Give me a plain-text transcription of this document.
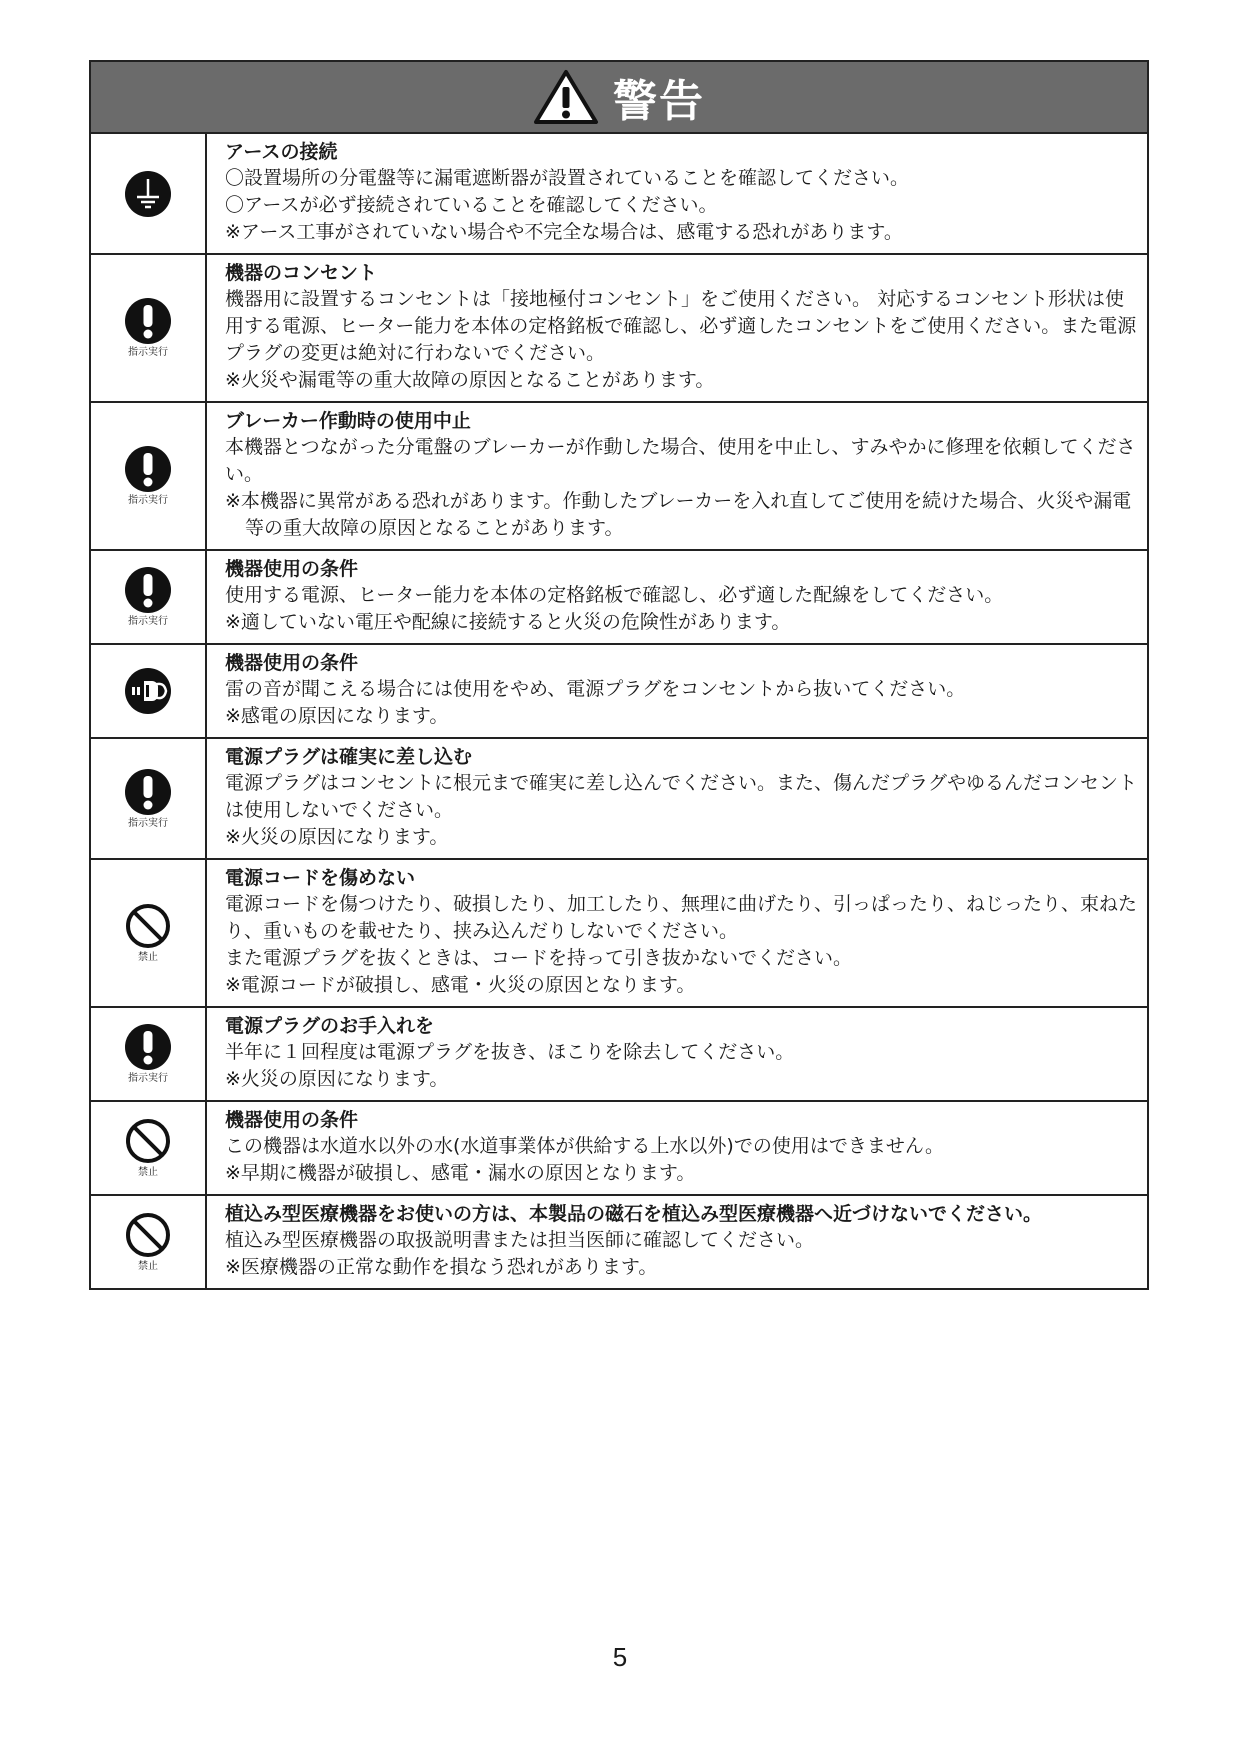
警告
アースの接続
〇設置場所の分電盤等に漏電遮断器が設置されていることを確認してください。
〇アースが必ず接続されていることを確認してください。
※アース工事がされていない場合や不完全な場合は、感電する恐れがあります。
指示実行
機器のコンセント
機器用に設置するコンセントは「接地極付コンセント」をご使用ください。 対応するコンセント形状は使用する電源、ヒーター能力を本体の定格銘板で確認し、必ず適したコンセントをご使用ください。また電源プラグの変更は絶対に行わないでください。
※火災や漏電等の重大故障の原因となることがあります。
指示実行
ブレーカー作動時の使用中止
本機器とつながった分電盤のブレーカーが作動した場合、使用を中止し、すみやかに修理を依頼してください。
※本機器に異常がある恐れがあります。作動したブレーカーを入れ直してご使用を続けた場合、火災や漏電等の重大故障の原因となることがあります。
指示実行
機器使用の条件
使用する電源、ヒーター能力を本体の定格銘板で確認し、必ず適した配線をしてください。
※適していない電圧や配線に接続すると火災の危険性があります。
機器使用の条件
雷の音が聞こえる場合には使用をやめ、電源プラグをコンセントから抜いてください。
※感電の原因になります。
指示実行
電源プラグは確実に差し込む
電源プラグはコンセントに根元まで確実に差し込んでください。また、傷んだプラグやゆるんだコンセントは使用しないでください。
※火災の原因になります。
禁止
電源コードを傷めない
電源コードを傷つけたり、破損したり、加工したり、無理に曲げたり、引っぱったり、ねじったり、束ねたり、重いものを載せたり、挟み込んだりしないでください。
また電源プラグを抜くときは、コードを持って引き抜かないでください。
※電源コードが破損し、感電・火災の原因となります。
指示実行
電源プラグのお手入れを
半年に１回程度は電源プラグを抜き、ほこりを除去してください。
※火災の原因になります。
禁止
機器使用の条件
この機器は水道水以外の水(水道事業体が供給する上水以外)での使用はできません。
※早期に機器が破損し、感電・漏水の原因となります。
禁止
植込み型医療機器をお使いの方は、本製品の磁石を植込み型医療機器へ近づけないでください。
植込み型医療機器の取扱説明書または担当医師に確認してください。
※医療機器の正常な動作を損なう恐れがあります。
5
